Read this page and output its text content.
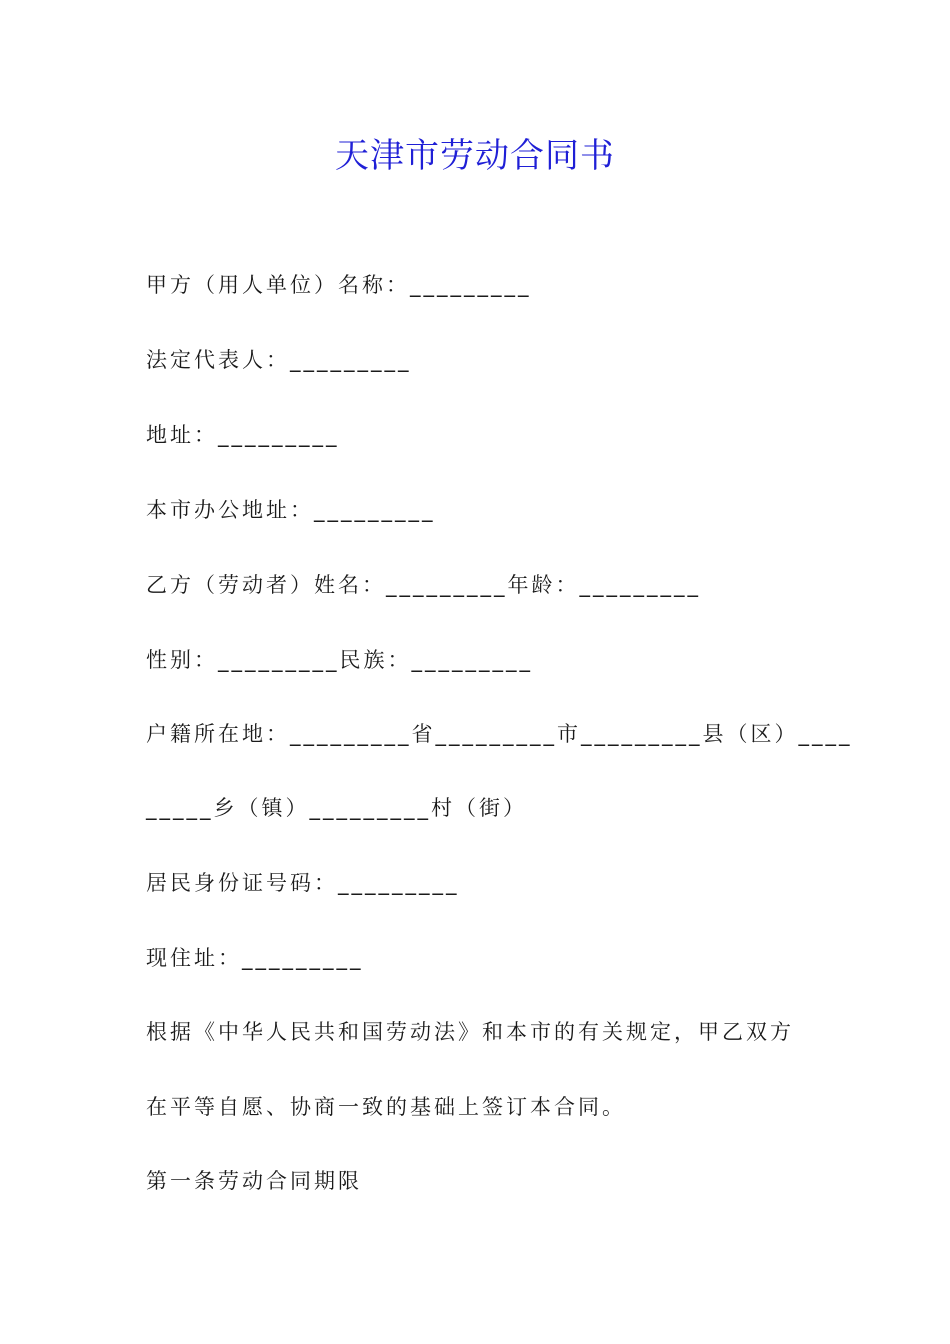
天津市劳动合同书

甲方（用人单位）名称：_________

法定代表人：_________

地址：_________

本市办公地址：_________

乙方（劳动者）姓名：_________年龄：_________

性别：_________民族：_________

户籍所在地：_________省_________市_________县（区）____

_____乡（镇）_________村（街）

居民身份证号码：_________

现住址：_________

根据《中华人民共和国劳动法》和本市的有关规定，甲乙双方

在平等自愿、协商一致的基础上签订本合同。

第一条劳动合同期限
